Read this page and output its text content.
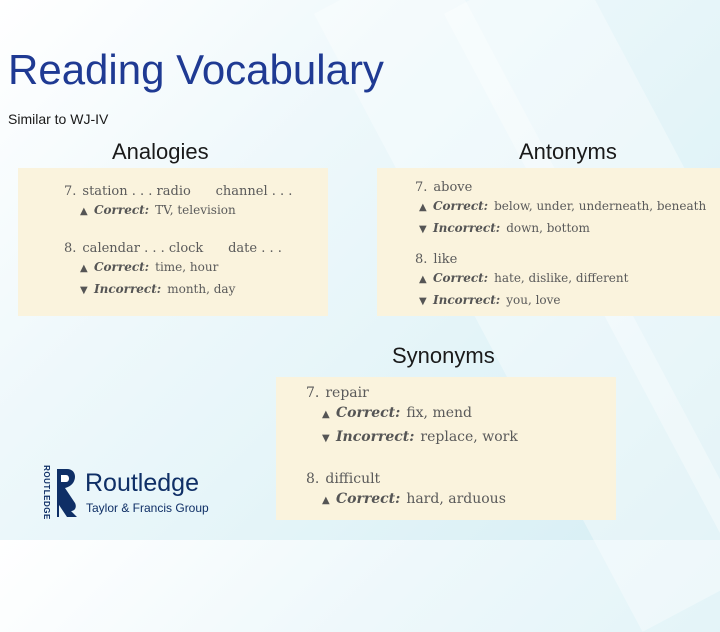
Reading Vocabulary
Similar to WJ-IV
Analogies	Antonyms
Synonyms
7. station . . . radio      channel . . .
▲ Correct: TV, television
8. calendar . . . clock      date . . .
▲ Correct: time, hour
▼ Incorrect: month, day
7. above
▲ Correct: below, under, underneath, beneath
▼ Incorrect: down, bottom
8. like
▲ Correct: hate, dislike, different
▼ Incorrect: you, love
7. repair
▲ Correct: fix, mend
▼ Incorrect: replace, work
8. difficult
▲ Correct: hard, arduous
ROUTLEDGE Routledge
Taylor & Francis Group
